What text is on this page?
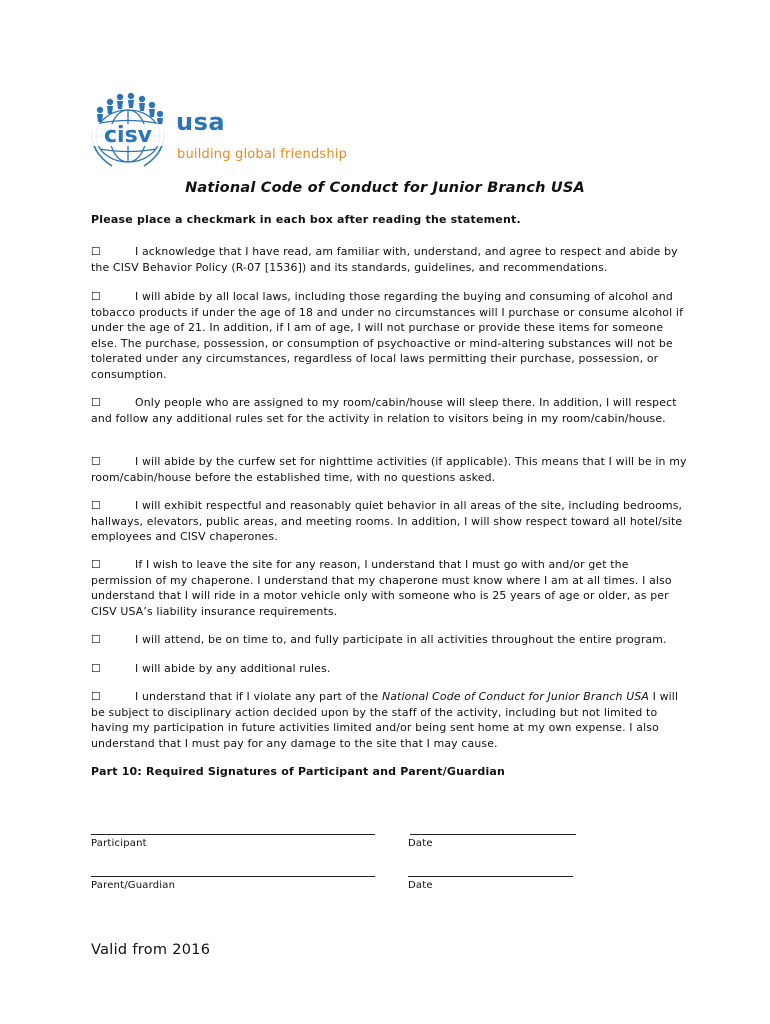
cisv usa
building global friendship
National Code of Conduct for Junior Branch USA
Please place a checkmark in each box after reading the statement.
☐	I acknowledge that I have read, am familiar with, understand, and agree to respect and abide by the CISV Behavior Policy (R-07 [1536]) and its standards, guidelines, and recommendations.
☐	I will abide by all local laws, including those regarding the buying and consuming of alcohol and tobacco products if under the age of 18 and under no circumstances will I purchase or consume alcohol if under the age of 21. In addition, if I am of age, I will not purchase or provide these items for someone else. The purchase, possession, or consumption of psychoactive or mind-altering substances will not be tolerated under any circumstances, regardless of local laws permitting their purchase, possession, or consumption.
☐	Only people who are assigned to my room/cabin/house will sleep there. In addition, I will respect and follow any additional rules set for the activity in relation to visitors being in my room/cabin/house.
☐	I will abide by the curfew set for nighttime activities (if applicable). This means that I will be in my room/cabin/house before the established time, with no questions asked.
☐	I will exhibit respectful and reasonably quiet behavior in all areas of the site, including bedrooms, hallways, elevators, public areas, and meeting rooms. In addition, I will show respect toward all hotel/site employees and CISV chaperones.
☐	If I wish to leave the site for any reason, I understand that I must go with and/or get the permission of my chaperone. I understand that my chaperone must know where I am at all times. I also understand that I will ride in a motor vehicle only with someone who is 25 years of age or older, as per CISV USA’s liability insurance requirements.
☐	I will attend, be on time to, and fully participate in all activities throughout the entire program.
☐	I will abide by any additional rules.
☐	I understand that if I violate any part of the National Code of Conduct for Junior Branch USA I will be subject to disciplinary action decided upon by the staff of the activity, including but not limited to having my participation in future activities limited and/or being sent home at my own expense. I also understand that I must pay for any damage to the site that I may cause.
Part 10: Required Signatures of Participant and Parent/Guardian
Participant	Date
Parent/Guardian	Date
Valid from 2016
